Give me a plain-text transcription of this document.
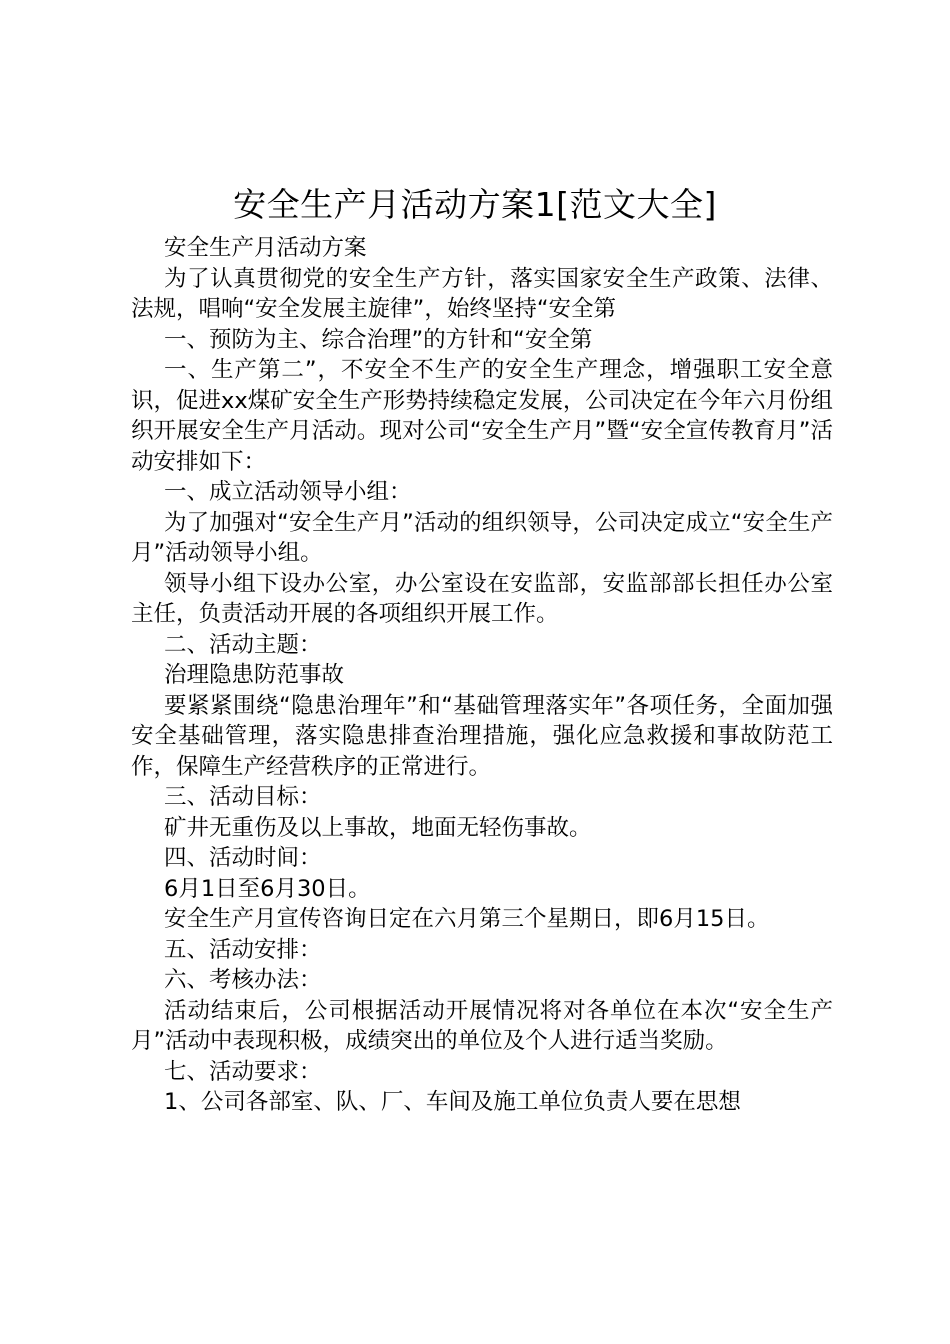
安全生产月活动方案1[范文大全]

安全生产月活动方案

为了认真贯彻党的安全生产方针，落实国家安全生产政策、法律、法规，唱响“安全发展主旋律”，始终坚持“安全第

一、预防为主、综合治理”的方针和“安全第

一、生产第二”，不安全不生产的安全生产理念，增强职工安全意识，促进xx煤矿安全生产形势持续稳定发展，公司决定在今年六月份组织开展安全生产月活动。现对公司“安全生产月”暨“安全宣传教育月”活动安排如下：

一、成立活动领导小组：

为了加强对“安全生产月”活动的组织领导，公司决定成立“安全生产月”活动领导小组。

领导小组下设办公室，办公室设在安监部，安监部部长担任办公室主任，负责活动开展的各项组织开展工作。

二、活动主题：

治理隐患防范事故

要紧紧围绕“隐患治理年”和“基础管理落实年”各项任务，全面加强安全基础管理，落实隐患排查治理措施，强化应急救援和事故防范工作，保障生产经营秩序的正常进行。

三、活动目标：

矿井无重伤及以上事故，地面无轻伤事故。

四、活动时间：

6月1日至6月30日。

安全生产月宣传咨询日定在六月第三个星期日，即6月15日。

五、活动安排：

六、考核办法：

活动结束后，公司根据活动开展情况将对各单位在本次“安全生产月”活动中表现积极，成绩突出的单位及个人进行适当奖励。

七、活动要求：

1、公司各部室、队、厂、车间及施工单位负责人要在思想
